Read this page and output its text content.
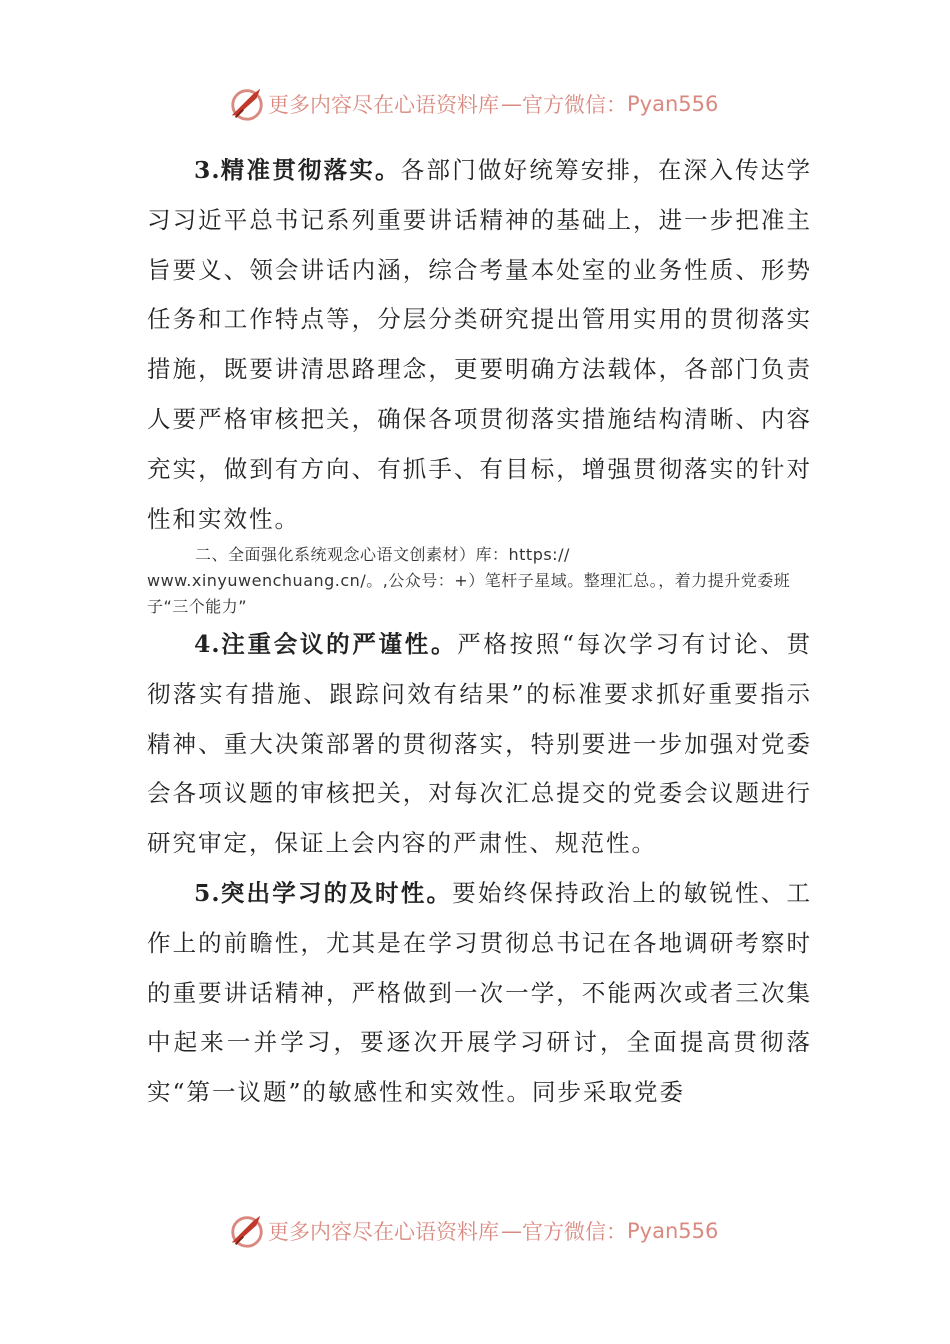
更多内容尽在心语资料库 — 官方微信： Pyan556

3.精准贯彻落实。各部门做好统筹安排，在深入传达学习习近平总书记系列重要讲话精神的基础上，进一步把准主旨要义、领会讲话内涵，综合考量本处室的业务性质、形势任务和工作特点等，分层分类研究提出管用实用的贯彻落实措施，既要讲清思路理念，更要明确方法载体，各部门负责人要严格审核把关，确保各项贯彻落实措施结构清晰、内容充实，做到有方向、有抓手、有目标，增强贯彻落实的针对性和实效性。

二、全面强化系统观念心语文创素材）库：https://
www.xinyuwenchuang.cn/。,公众号：+）笔杆子星域。整理汇总。，着力提升党委班子“三个能力”

4.注重会议的严谨性。严格按照“每次学习有讨论、贯彻落实有措施、跟踪问效有结果”的标准要求抓好重要指示精神、重大决策部署的贯彻落实，特别要进一步加强对党委会各项议题的审核把关，对每次汇总提交的党委会议题进行研究审定，保证上会内容的严肃性、规范性。

5.突出学习的及时性。要始终保持政治上的敏锐性、工作上的前瞻性，尤其是在学习贯彻总书记在各地调研考察时的重要讲话精神，严格做到一次一学，不能两次或者三次集中起来一并学习，要逐次开展学习研讨，全面提高贯彻落实“第一议题”的敏感性和实效性。同步采取党委

更多内容尽在心语资料库 — 官方微信： Pyan556
